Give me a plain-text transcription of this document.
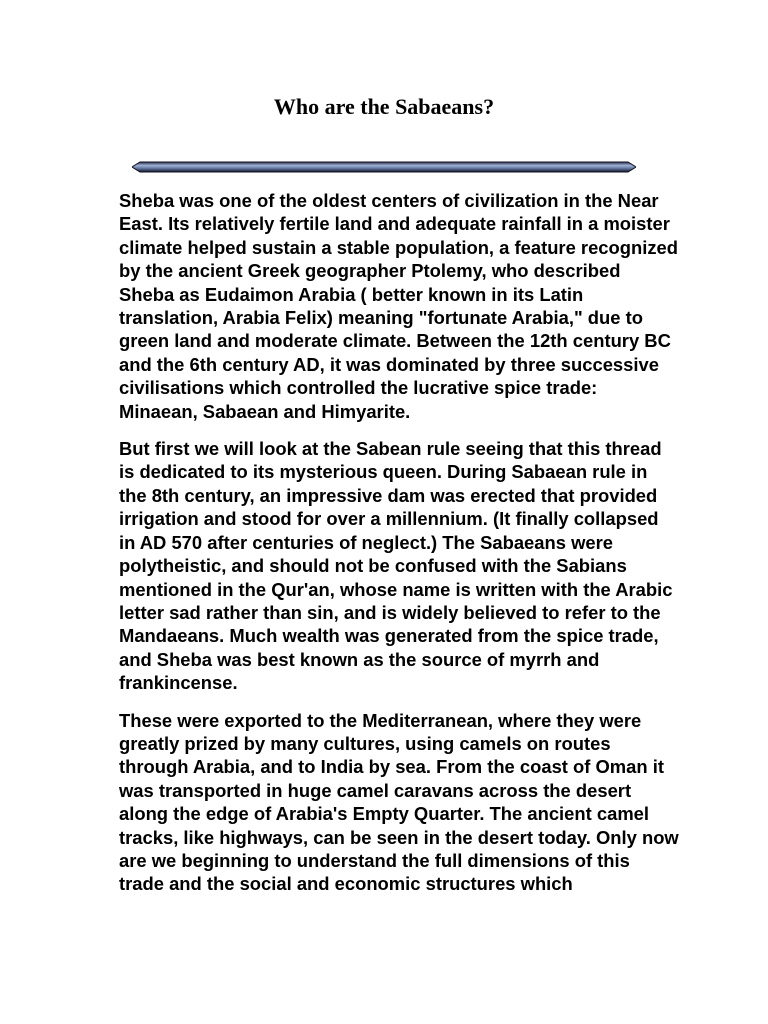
Who are the Sabaeans?

Sheba was one of the oldest centers of civilization in the Near East. Its relatively fertile land and adequate rainfall in a moister climate helped sustain a stable population, a feature recognized by the ancient Greek geographer Ptolemy, who described Sheba as Eudaimon Arabia ( better known in its Latin translation, Arabia Felix) meaning "fortunate Arabia," due to green land and moderate climate. Between the 12th century BC and the 6th century AD, it was dominated by three successive civilisations which controlled the lucrative spice trade: Minaean, Sabaean and Himyarite.

But first we will look at the Sabean rule seeing that this thread is dedicated to its mysterious queen. During Sabaean rule in the 8th century, an impressive dam was erected that provided irrigation and stood for over a millennium. (It finally collapsed in AD 570 after centuries of neglect.) The Sabaeans were polytheistic, and should not be confused with the Sabians mentioned in the Qur'an, whose name is written with the Arabic letter sad rather than sin, and is widely believed to refer to the Mandaeans. Much wealth was generated from the spice trade, and Sheba was best known as the source of myrrh and frankincense.

These were exported to the Mediterranean, where they were greatly prized by many cultures, using camels on routes through Arabia, and to India by sea. From the coast of Oman it was transported in huge camel caravans across the desert along the edge of Arabia's Empty Quarter. The ancient camel tracks, like highways, can be seen in the desert today. Only now are we beginning to understand the full dimensions of this trade and the social and economic structures which
